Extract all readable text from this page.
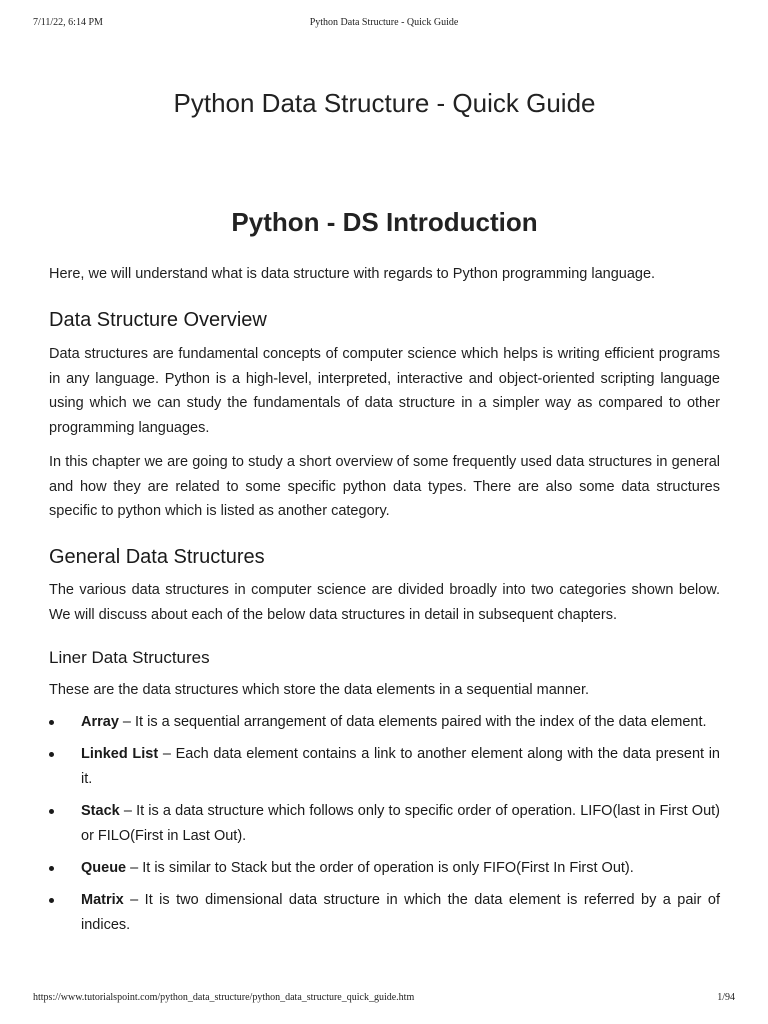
7/11/22, 6:14 PM	Python Data Structure - Quick Guide
Python Data Structure - Quick Guide
Python - DS Introduction

Here, we will understand what is data structure with regards to Python programming language.

Data Structure Overview

Data structures are fundamental concepts of computer science which helps is writing efficient programs in any language. Python is a high-level, interpreted, interactive and object-oriented scripting language using which we can study the fundamentals of data structure in a simpler way as compared to other programming languages.

In this chapter we are going to study a short overview of some frequently used data structures in general and how they are related to some specific python data types. There are also some data structures specific to python which is listed as another category.

General Data Structures

The various data structures in computer science are divided broadly into two categories shown below. We will discuss about each of the below data structures in detail in subsequent chapters.

Liner Data Structures

These are the data structures which store the data elements in a sequential manner.

Array – It is a sequential arrangement of data elements paired with the index of the data element.
Linked List – Each data element contains a link to another element along with the data present in it.
Stack – It is a data structure which follows only to specific order of operation. LIFO(last in First Out) or FILO(First in Last Out).
Queue – It is similar to Stack but the order of operation is only FIFO(First In First Out).
Matrix – It is two dimensional data structure in which the data element is referred by a pair of indices.
https://www.tutorialspoint.com/python_data_structure/python_data_structure_quick_guide.htm	1/94
